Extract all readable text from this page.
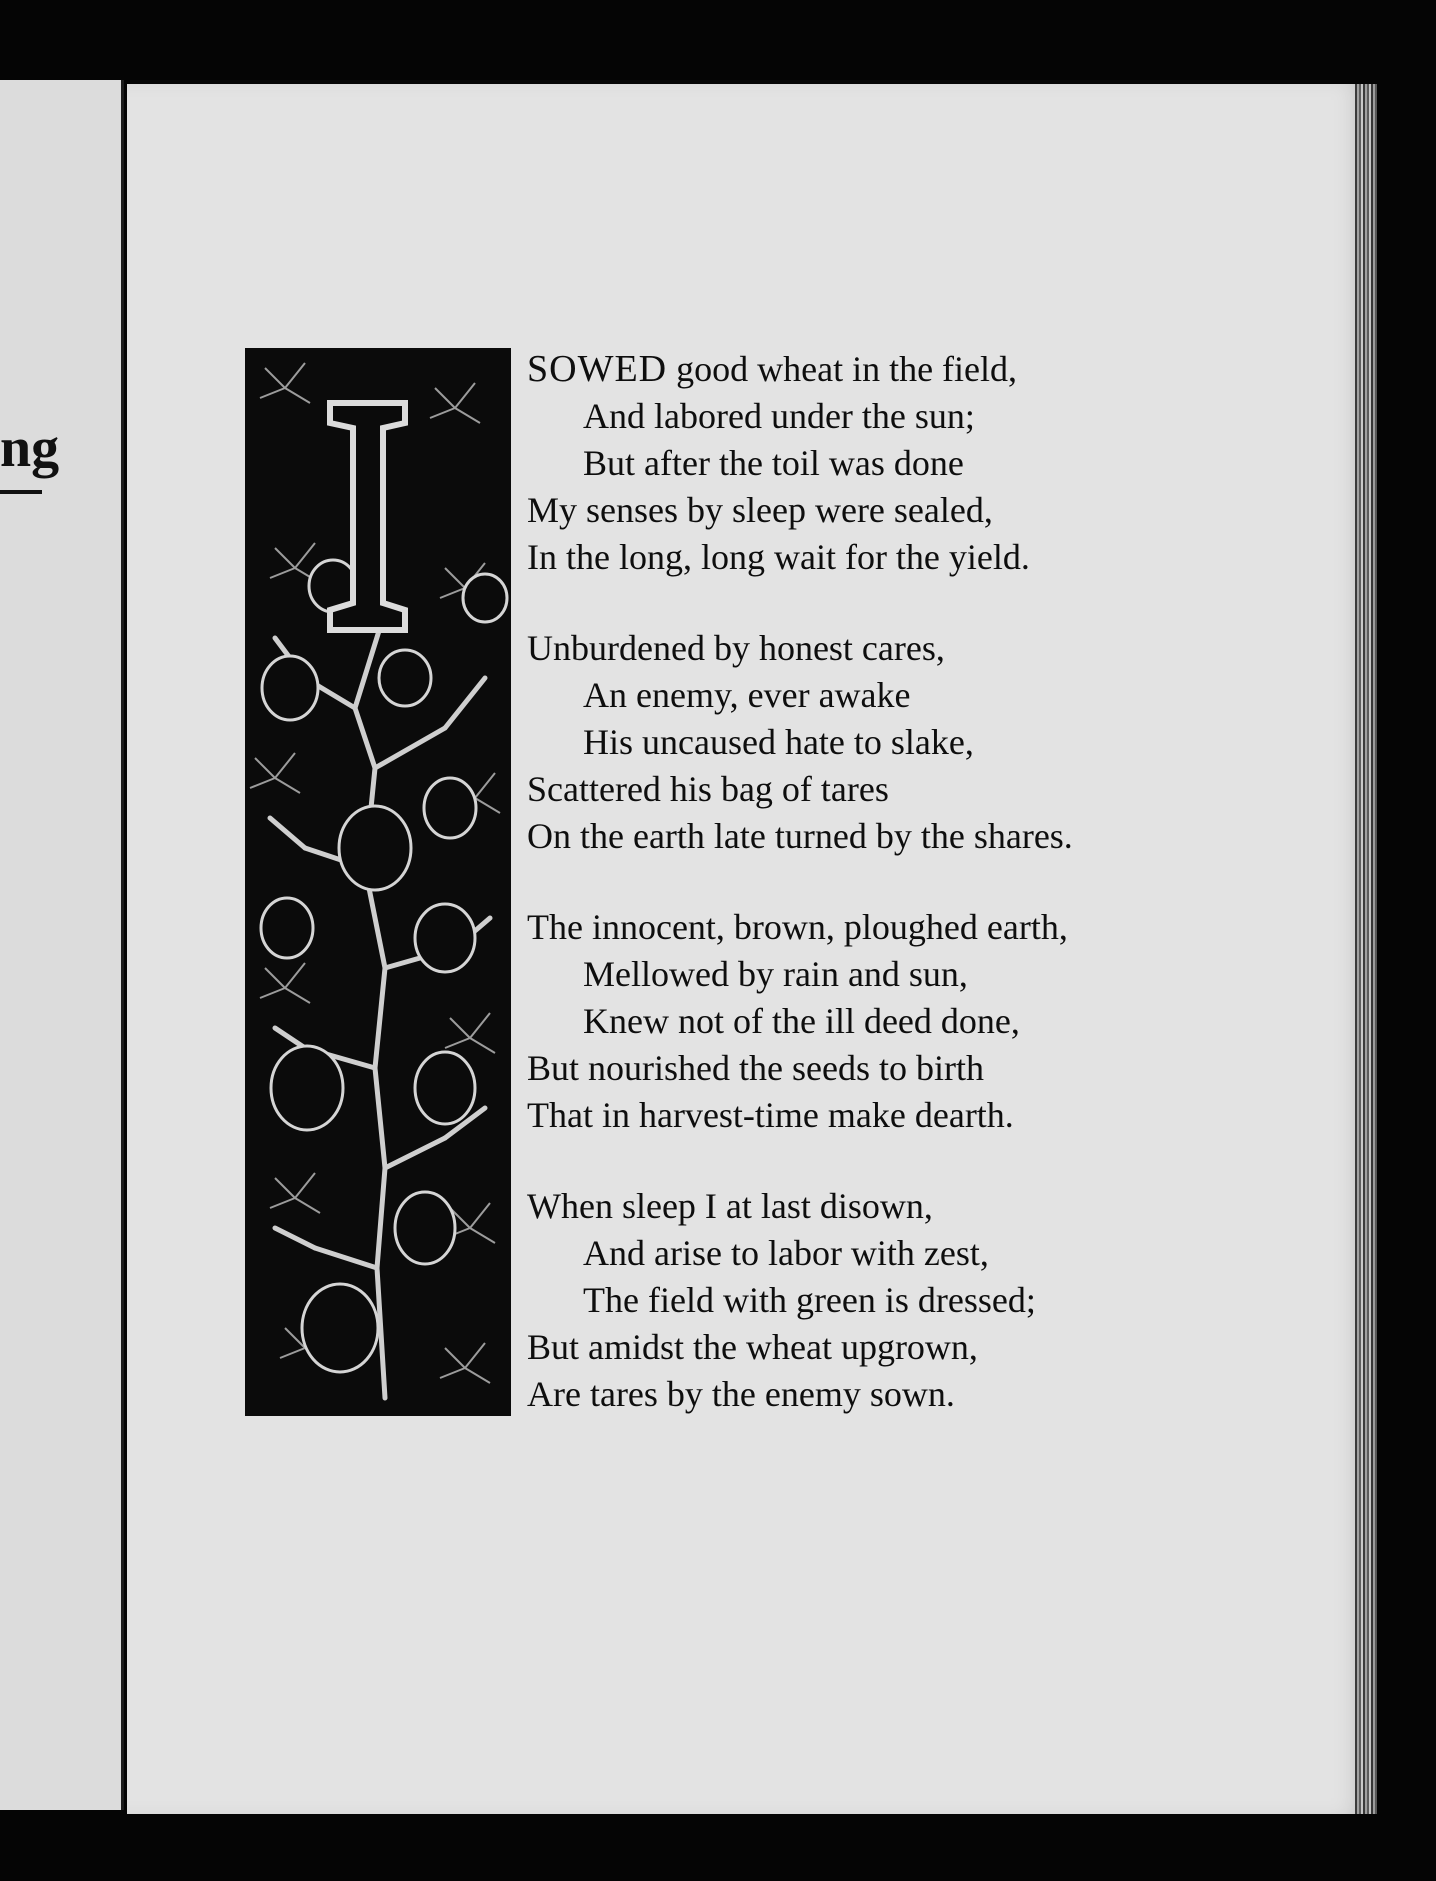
ng
SOWED good wheat in the field,
And labored under the sun;
But after the toil was done
My senses by sleep were sealed,
In the long, long wait for the yield.
Unburdened by honest cares,
An enemy, ever awake
His uncaused hate to slake,
Scattered his bag of tares
On the earth late turned by the shares.
The innocent, brown, ploughed earth,
Mellowed by rain and sun,
Knew not of the ill deed done,
But nourished the seeds to birth
That in harvest-time make dearth.
When sleep I at last disown,
And arise to labor with zest,
The field with green is dressed;
But amidst the wheat upgrown,
Are tares by the enemy sown.
